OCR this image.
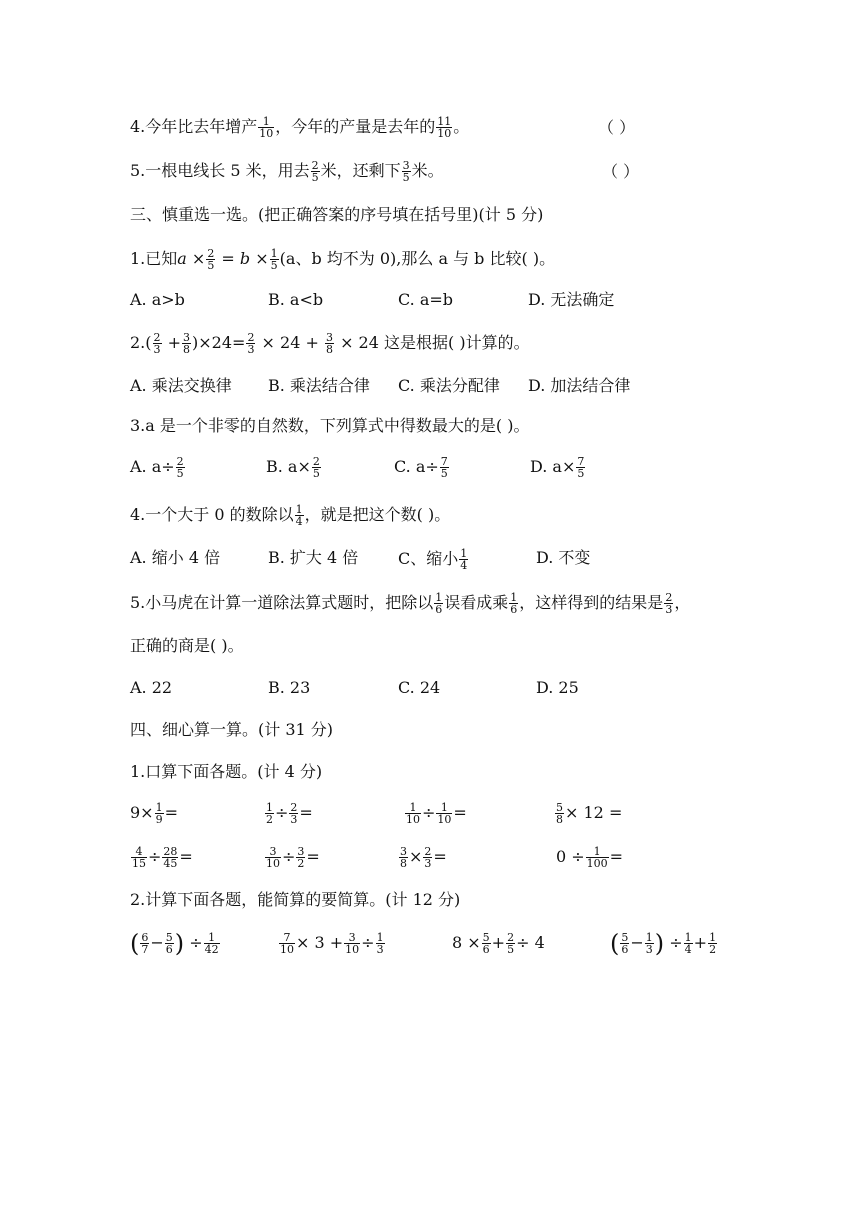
4.今年比去年增产 $\frac{1}{10}$ ，今年的产量是去年的 $\frac{11}{10}$ 。	（ ）
5.一根电线长 5 米，用去 $\frac{2}{5}$ 米，还剩下 $\frac{3}{5}$ 米。	（ ）
三、慎重选一选。(把正确答案的序号填在括号里)(计 5 分)
1.已知$a \times \frac{2}{5} = b \times \frac{1}{5} (a$、b 均不为 0),那么 a 与 b 比较( )。
A. a>b	B. a<b	C. a=b	D. 无法确定
$2.( \frac{2}{3} + \frac{3}{8} )\times 24= \frac{2}{3} \times 24 + \frac{3}{8} \times 24$ 这是根据( )计算的。
A. 乘法交换律 B. 乘法结合律 C. 乘法分配律 D. 加法结合律
3.a 是一个非零的自然数，下列算式中得数最大的是( )。
A. $a\div \frac{2}{5}$	B. $a\times \frac{2}{5}$	C. $a\div \frac{7}{5}$	D. $a\times \frac{7}{5}$
4.一个大于 0 的数除以 $\frac{1}{4}$ ，就是把这个数( )。
A. 缩小 4 倍	B. 扩大 4 倍 C、缩小 $\frac{1}{4}$	D. 不变
5.小马虎在计算一道除法算式题时，把除以 $\frac{1}{6}$ 误看成乘 $\frac{1}{6}$ ，这样得到的结果是 $\frac{2}{3}$ ，
正确的商是( )。
A. 22	B. 23	C. 24	D. 25
四、细心算一算。(计 31 分)
1.口算下面各题。(计 4 分)
$9\times \frac{1}{9}$ =	$\frac{1}{2} \div \frac{2}{3}$ =	$\frac{1}{10} \div \frac{1}{10}$ =	$\frac{5}{8} \times 12$ =
$\frac{4}{15} \div \frac{28}{45}$ =	$\frac{3}{10} \div \frac{3}{2}$ =	$\frac{3}{8} \times \frac{2}{3}$ =	$0 \div \frac{1}{100}$ =
2.计算下面各题，能简算的要简算。(计 12 分)
( $\frac{6}{7} - \frac{5}{6}$ ) ÷ $\frac{1}{42}$	$\frac{7}{10} \times 3 + \frac{3}{10} \div \frac{1}{3}$	$8 \times \frac{5}{6} + \frac{2}{5} \div 4$	( $\frac{5}{6} - \frac{1}{3}$ ) ÷ $\frac{1}{4} + \frac{1}{2}$
